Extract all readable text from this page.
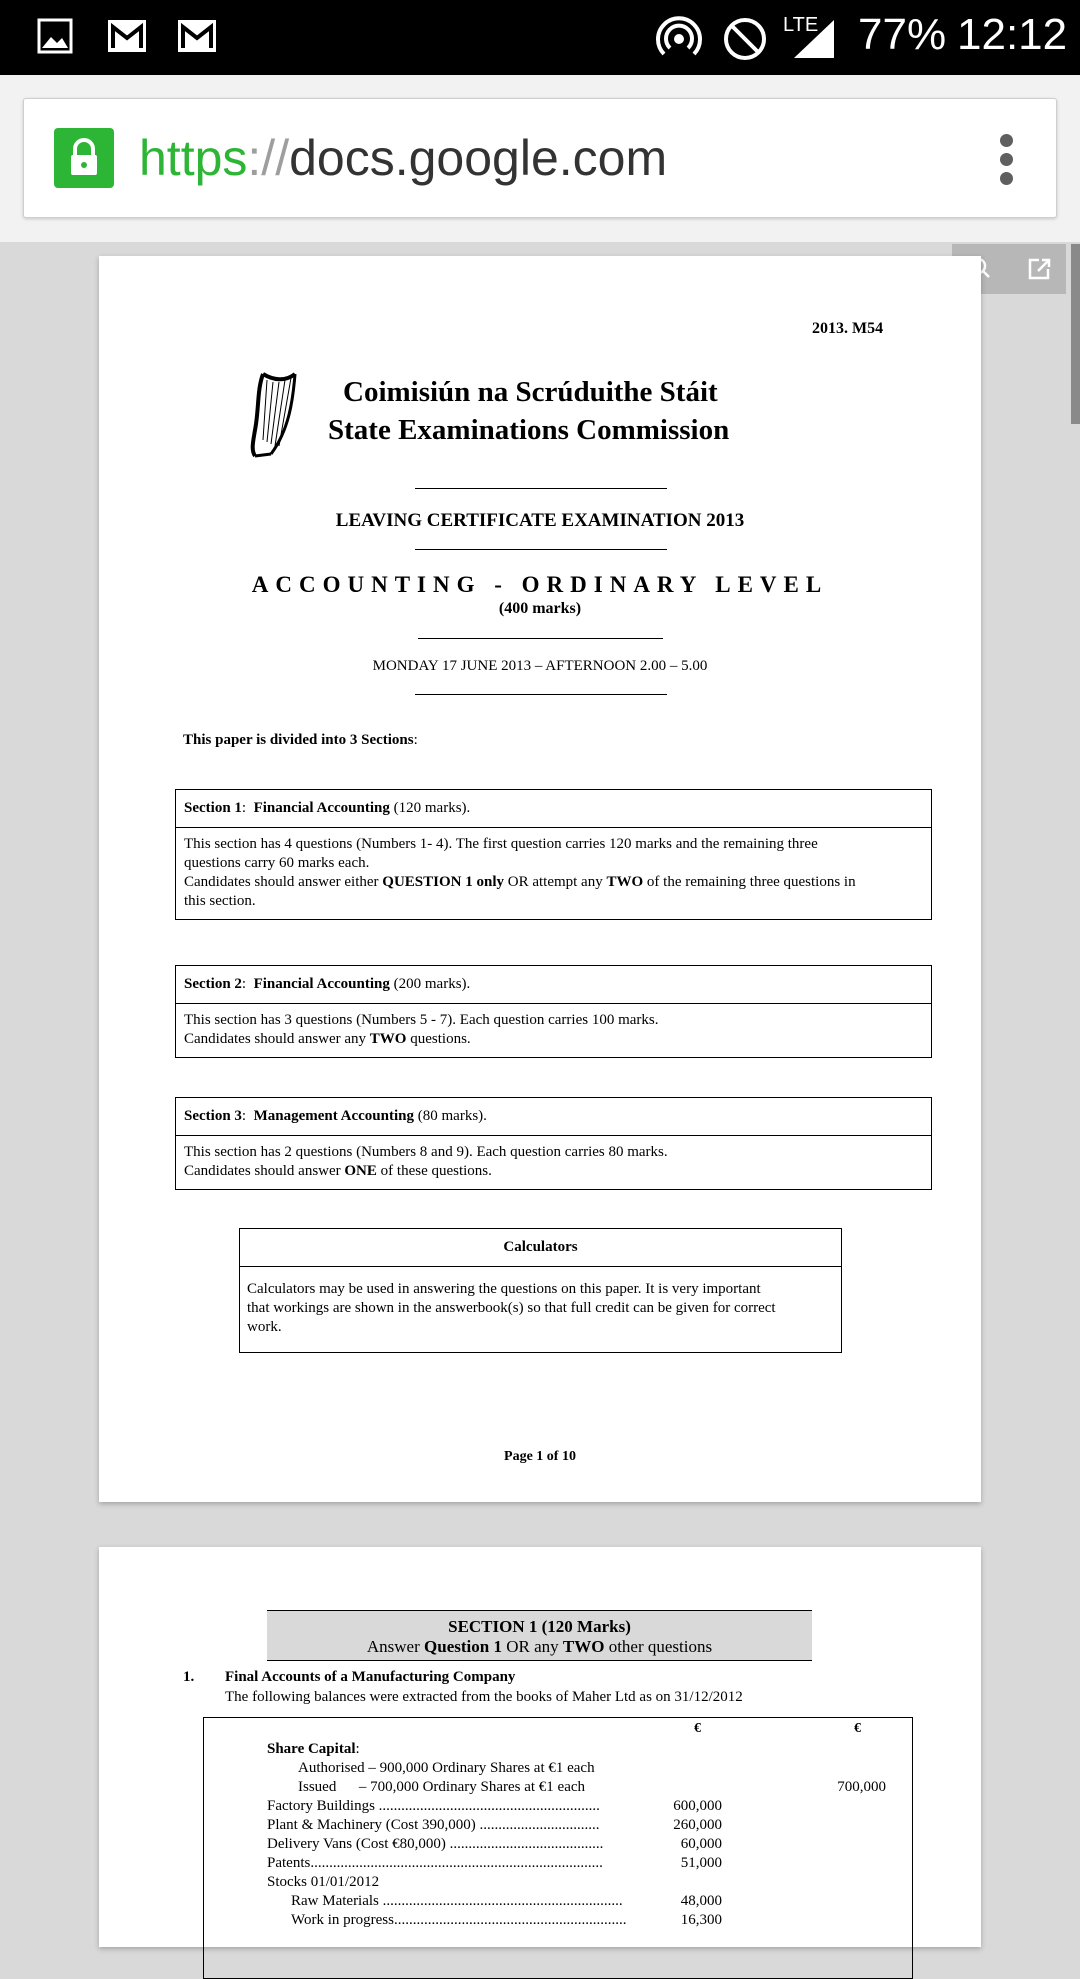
LTE 77% 12:12
https://docs.google.com
2013. M54
Coimisiún na Scrúduithe Stáit
State Examinations Commission
LEAVING CERTIFICATE EXAMINATION 2013
ACCOUNTING - ORDINARY LEVEL
(400 marks)
MONDAY 17 JUNE 2013 – AFTERNOON 2.00 – 5.00
This paper is divided into 3 Sections:
Section 1:  Financial Accounting (120 marks).
This section has 4 questions (Numbers 1- 4). The first question carries 120 marks and the remaining three
questions carry 60 marks each.
Candidates should answer either QUESTION 1 only OR attempt any TWO of the remaining three questions in
this section.
Section 2:  Financial Accounting (200 marks).
This section has 3 questions (Numbers 5 - 7). Each question carries 100 marks.
Candidates should answer any TWO questions.
Section 3:  Management Accounting (80 marks).
This section has 2 questions (Numbers 8 and 9). Each question carries 80 marks.
Candidates should answer ONE of these questions.
Calculators
Calculators may be used in answering the questions on this paper. It is very important
that workings are shown in the answerbook(s) so that full credit can be given for correct
work.
Page 1 of 10
SECTION 1 (120 Marks)
Answer Question 1 OR any TWO other questions
1. Final Accounts of a Manufacturing Company
The following balances were extracted from the books of Maher Ltd as on 31/12/2012
€	€
Share Capital:
Authorised – 900,000 Ordinary Shares at €1 each
Issued      – 700,000 Ordinary Shares at €1 each	700,000
Factory Buildings ...........................................................	600,000
Plant & Machinery (Cost 390,000) ................................	260,000
Delivery Vans (Cost €80,000) .........................................	60,000
Patents..............................................................................	51,000
Stocks 01/01/2012
Raw Materials ................................................................	48,000
Work in progress..............................................................	16,300
